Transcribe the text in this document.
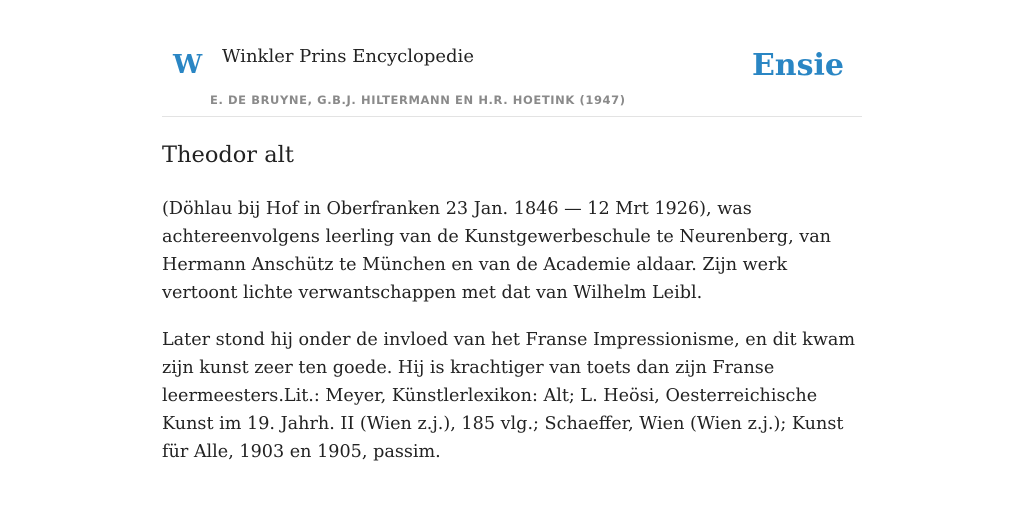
W Winkler Prins Encyclopedie
E. DE BRUYNE, G.B.J. HILTERMANN EN H.R. HOETINK (1947)
Ensie
Theodor alt

(Döhlau bij Hof in Oberfranken 23 Jan. 1846 — 12 Mrt 1926), was achtereenvolgens leerling van de Kunstgewerbeschule te Neurenberg, van Hermann Anschütz te München en van de Academie aldaar. Zijn werk vertoont lichte verwantschappen met dat van Wilhelm Leibl.

Later stond hij onder de invloed van het Franse Impressionisme, en dit kwam zijn kunst zeer ten goede. Hij is krachtiger van toets dan zijn Franse leermeesters.Lit.: Meyer, Künstlerlexikon: Alt; L. Heösi, Oesterreichische Kunst im 19. Jahrh. II (Wien z.j.), 185 vlg.; Schaeffer, Wien (Wien z.j.); Kunst für Alle, 1903 en 1905, passim.
